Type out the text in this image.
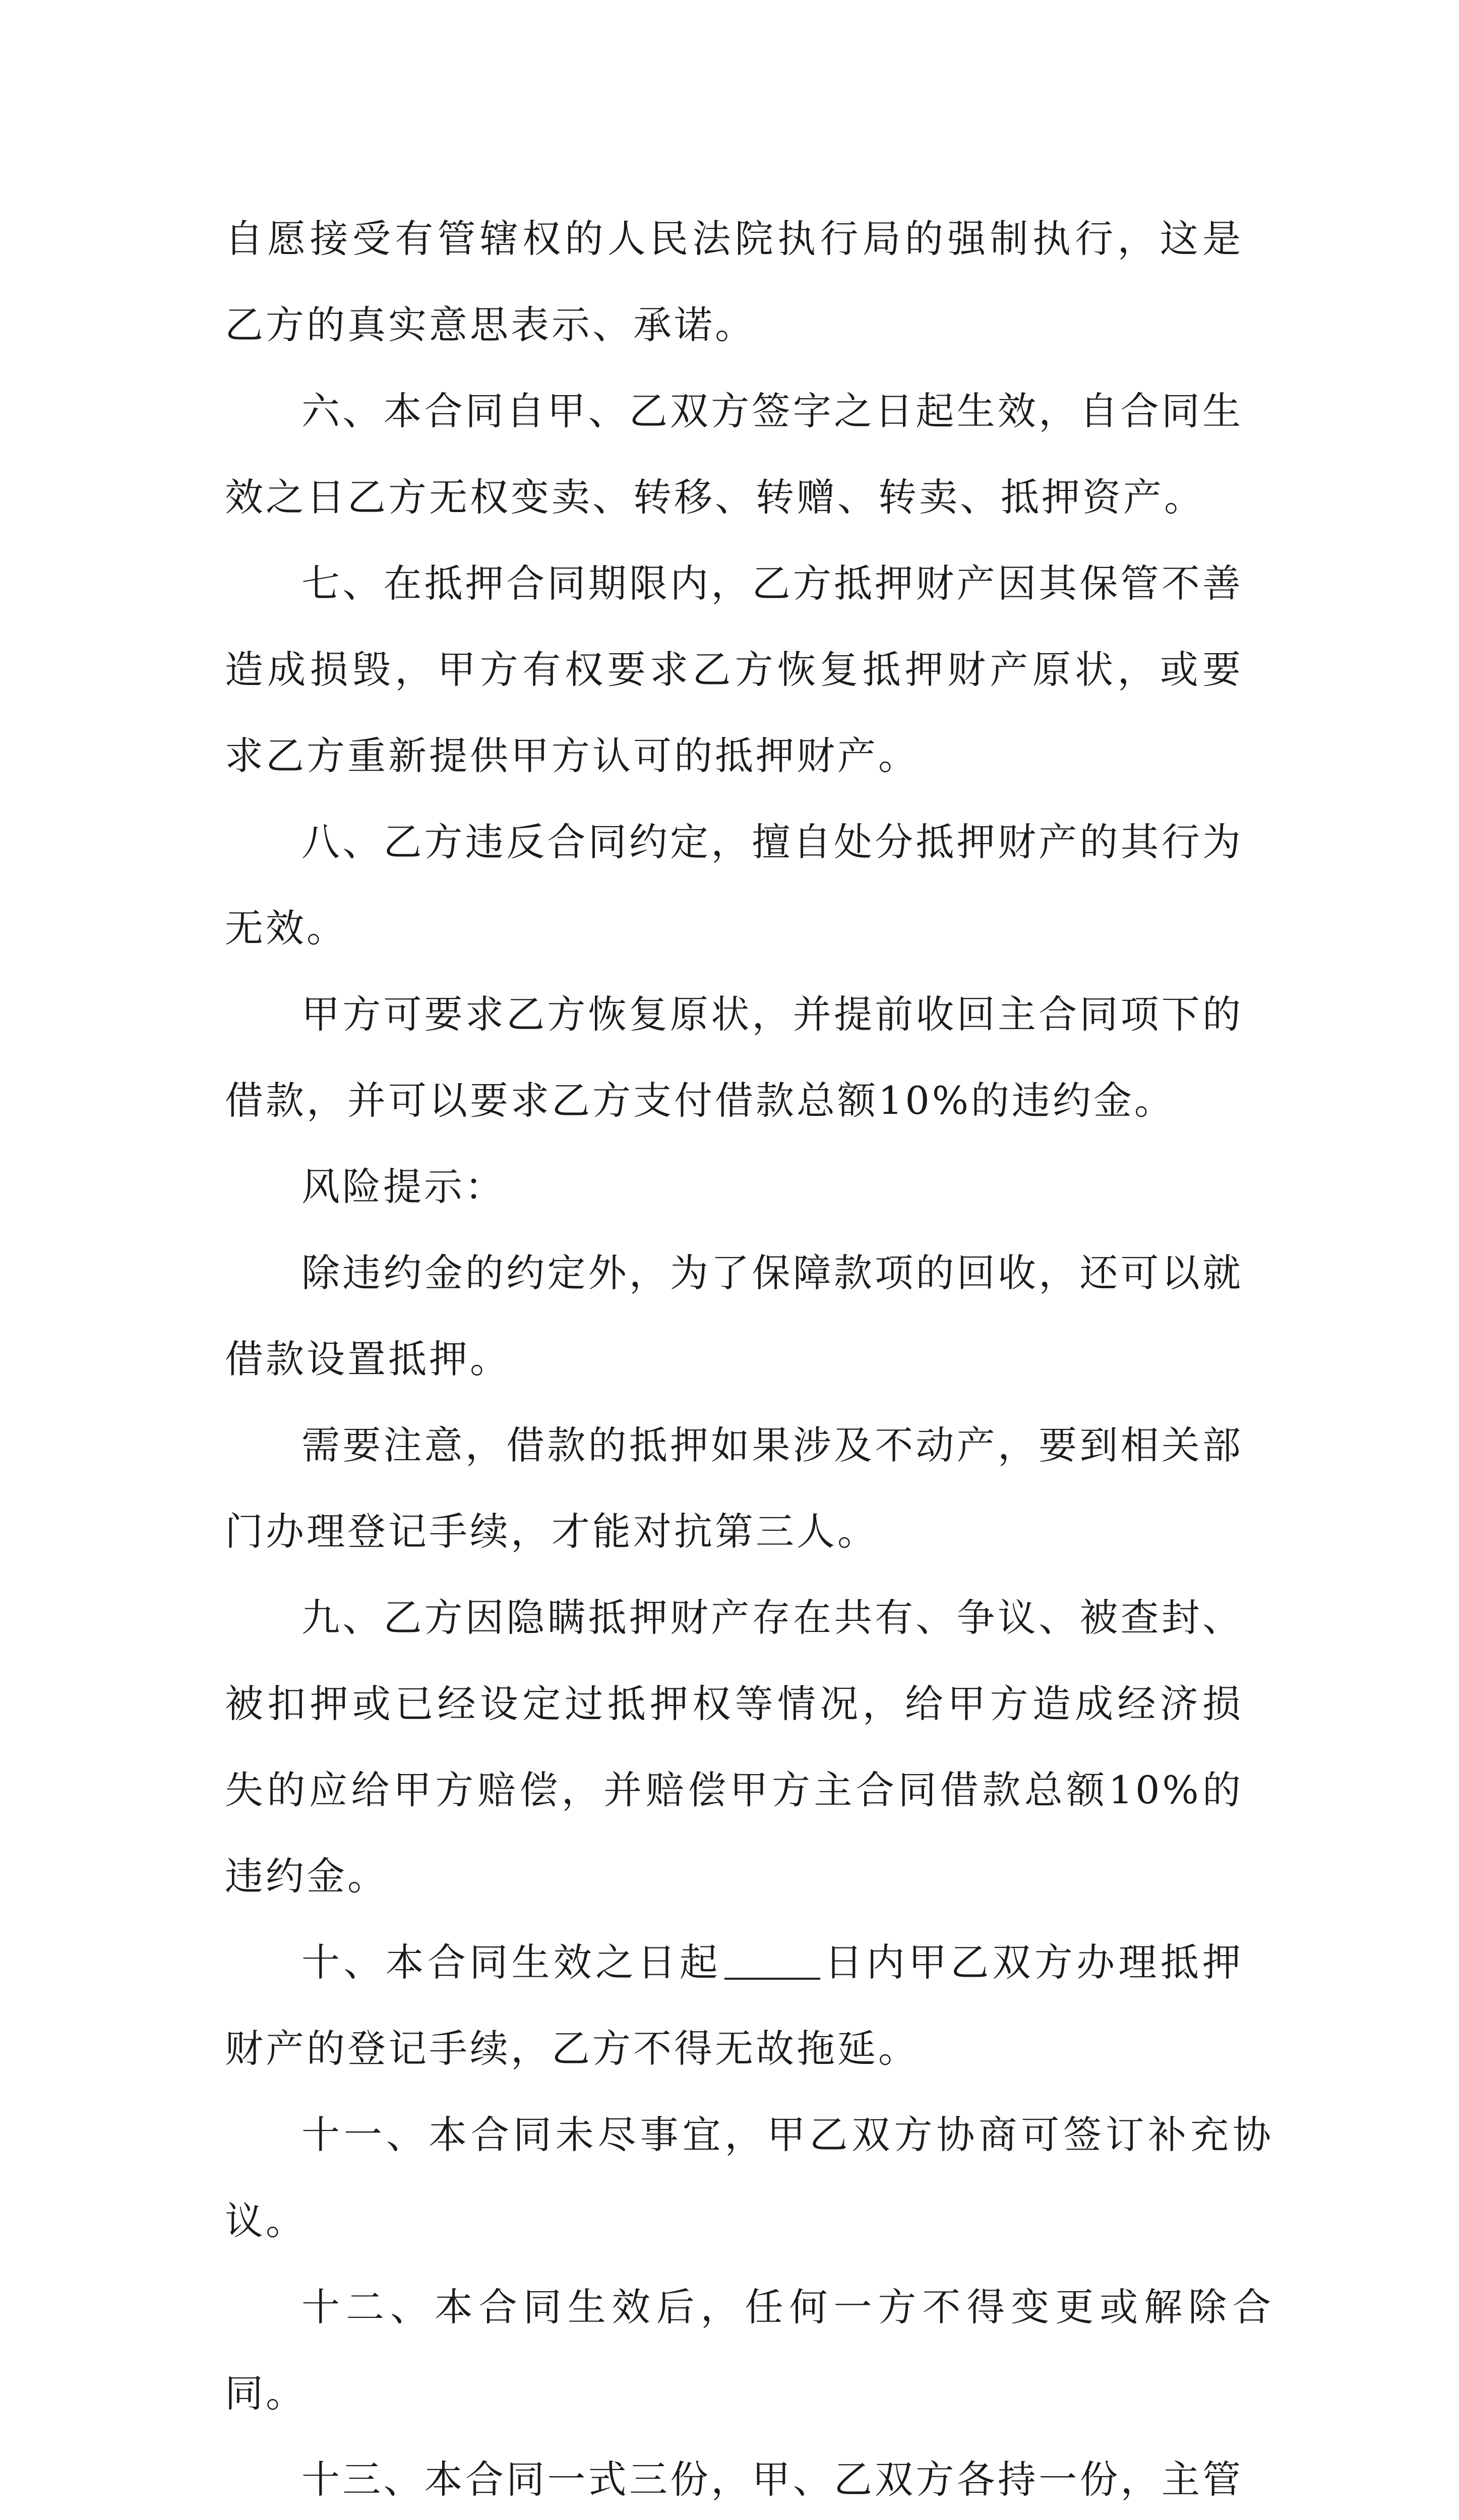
自愿接受有管辖权的人民法院执行局的强制执行，这是乙方的真实意思表示、承诺。

六、本合同自甲、乙双方签字之日起生效，自合同生效之日乙方无权变卖、转移、转赠、转卖、抵押资产。

七、在抵押合同期限内，乙方抵押财产因其保管不善造成损毁，甲方有权要求乙方恢复抵押财产原状，或要求乙方重新提供甲方认可的抵押财产。

八、乙方违反合同约定，擅自处分抵押财产的其行为无效。

甲方可要求乙方恢复原状，并提前收回主合同项下的借款，并可以要求乙方支付借款总额10%的违约金。

风险提示：

除违约金的约定外，为了保障款项的回收，还可以就借款设置抵押。

需要注意，借款的抵押如果涉及不动产，要到相关部门办理登记手续，才能对抗第三人。

九、乙方因隐瞒抵押财产存在共有、争议、被查封、被扣押或已经设定过抵押权等情况，给甲方造成经济损失的应给甲方赔偿，并赔偿甲方主合同借款总额10%的违约金。

十、本合同生效之日起	日内甲乙双方办理抵押财产的登记手续，乙方不得无故拖延。

十一、本合同未尽事宜，甲乙双方协商可签订补充协议。

十二、本合同生效后，任何一方不得变更或解除合同。

十三、本合同一式三份，甲、乙双方各持一份，主管
